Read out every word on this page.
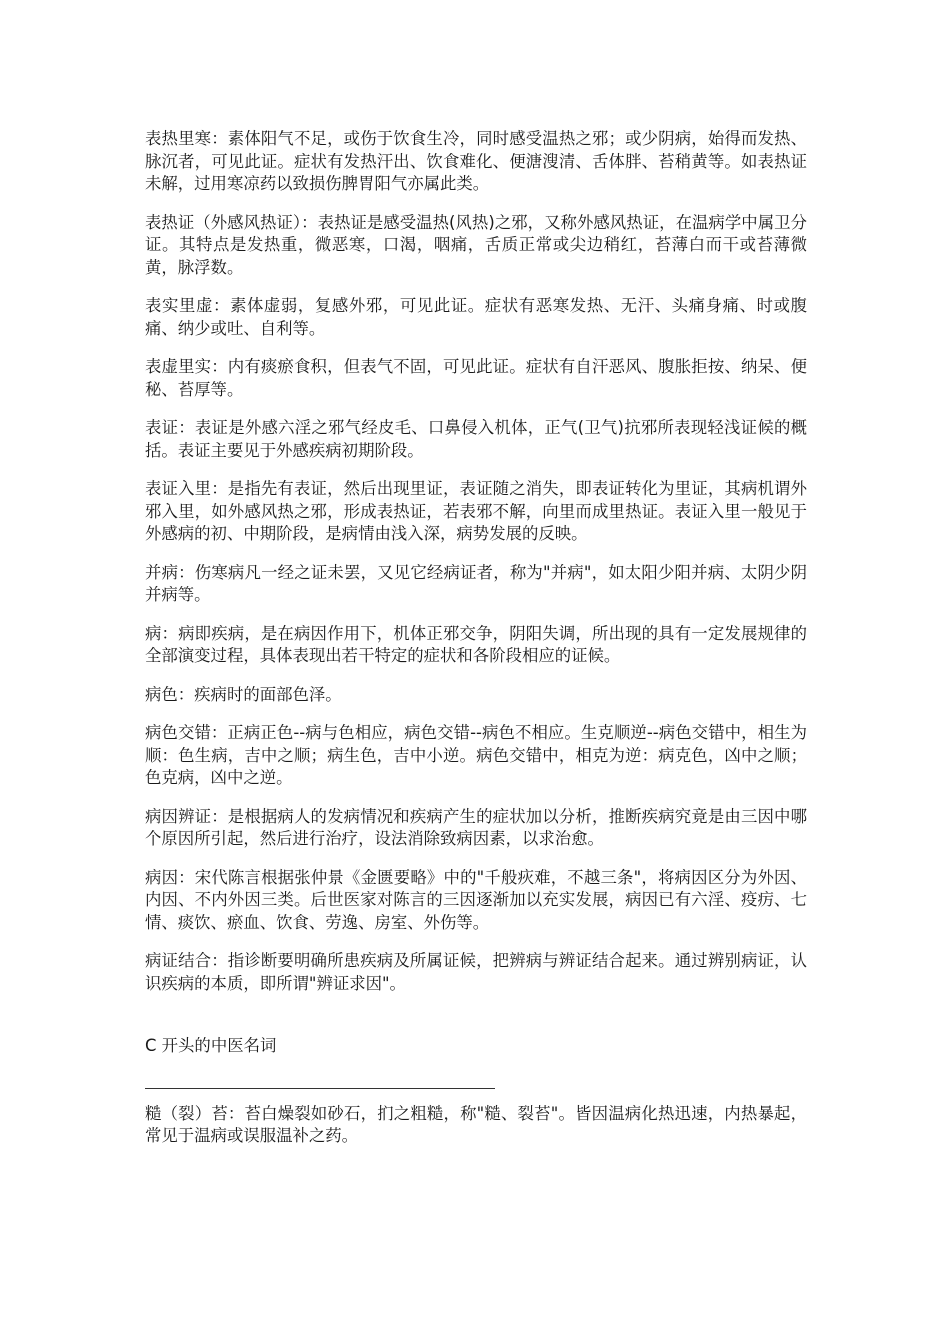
表热里寒：素体阳气不足，或伤于饮食生冷，同时感受温热之邪；或少阴病，始得而发热、脉沉者，可见此证。症状有发热汗出、饮食难化、便溏溲清、舌体胖、苔稍黄等。如表热证未解，过用寒凉药以致损伤脾胃阳气亦属此类。

表热证（外感风热证）：表热证是感受温热(风热)之邪，又称外感风热证，在温病学中属卫分证。其特点是发热重，微恶寒，口渴，咽痛，舌质正常或尖边稍红，苔薄白而干或苔薄微黄，脉浮数。

表实里虚：素体虚弱，复感外邪，可见此证。症状有恶寒发热、无汗、头痛身痛、时或腹痛、纳少或吐、自利等。

表虚里实：内有痰瘀食积，但表气不固，可见此证。症状有自汗恶风、腹胀拒按、纳呆、便秘、苔厚等。

表证：表证是外感六淫之邪气经皮毛、口鼻侵入机体，正气(卫气)抗邪所表现轻浅证候的概括。表证主要见于外感疾病初期阶段。

表证入里：是指先有表证，然后出现里证，表证随之消失，即表证转化为里证，其病机谓外邪入里，如外感风热之邪，形成表热证，若表邪不解，向里而成里热证。表证入里一般见于外感病的初、中期阶段，是病情由浅入深，病势发展的反映。

并病：伤寒病凡一经之证未罢，又见它经病证者，称为"并病"，如太阳少阳并病、太阴少阴并病等。

病：病即疾病，是在病因作用下，机体正邪交争，阴阳失调，所出现的具有一定发展规律的全部演变过程，具体表现出若干特定的症状和各阶段相应的证候。

病色：疾病时的面部色泽。

病色交错：正病正色--病与色相应，病色交错--病色不相应。生克顺逆--病色交错中，相生为顺：色生病，吉中之顺；病生色，吉中小逆。病色交错中，相克为逆：病克色，凶中之顺；色克病，凶中之逆。

病因辨证：是根据病人的发病情况和疾病产生的症状加以分析，推断疾病究竟是由三因中哪个原因所引起，然后进行治疗，设法消除致病因素，以求治愈。

病因：宋代陈言根据张仲景《金匮要略》中的"千般疢难，不越三条"，将病因区分为外因、内因、不内外因三类。后世医家对陈言的三因逐渐加以充实发展，病因已有六淫、疫疠、七情、痰饮、瘀血、饮食、劳逸、房室、外伤等。

病证结合：指诊断要明确所患疾病及所属证候，把辨病与辨证结合起来。通过辨别病证，认识疾病的本质，即所谓"辨证求因"。

C 开头的中医名词

糙（裂）苔：苔白燥裂如砂石，扪之粗糙，称"糙、裂苔"。皆因温病化热迅速，内热暴起，常见于温病或误服温补之药。
